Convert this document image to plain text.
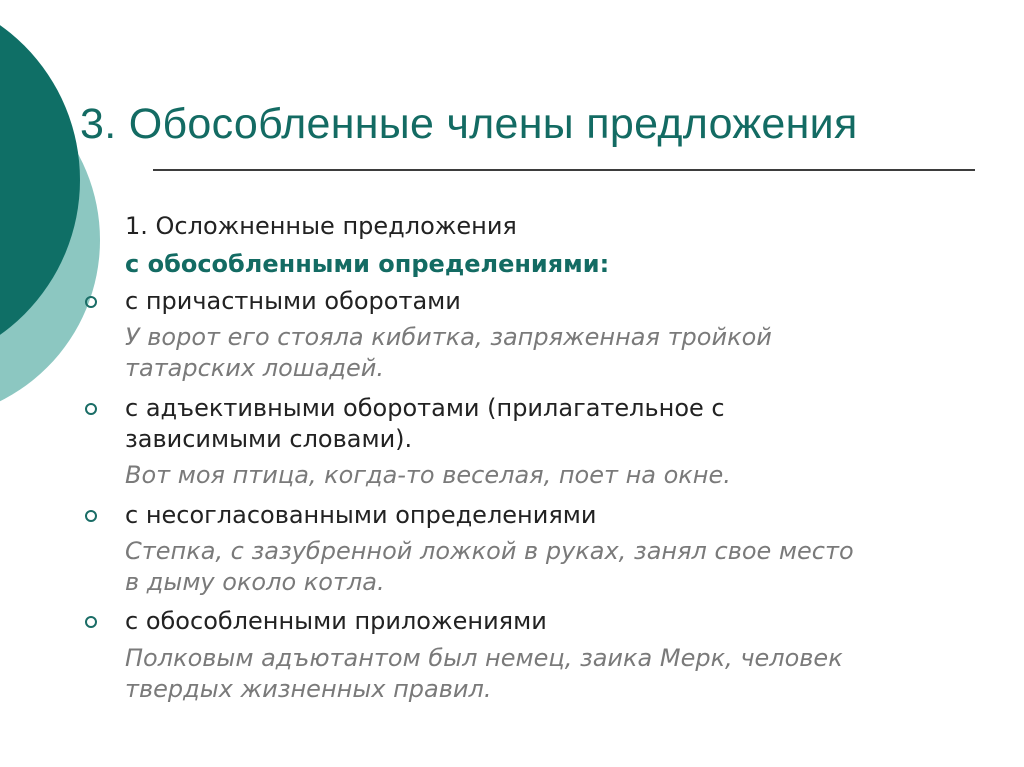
3. Обособленные члены предложения

1. Осложненные предложения

с обособленными определениями:

с причастными оборотами

У ворот его стояла кибитка, запряженная тройкой

татарских лошадей.

с адъективными оборотами (прилагательное с

зависимыми словами).

Вот моя птица, когда-то веселая, поет на окне.

с несогласованными определениями

Степка, с зазубренной ложкой в руках, занял свое место

в дыму около котла.

с обособленными приложениями

Полковым адъютантом был немец, заика Мерк, человек

твердых жизненных правил.
